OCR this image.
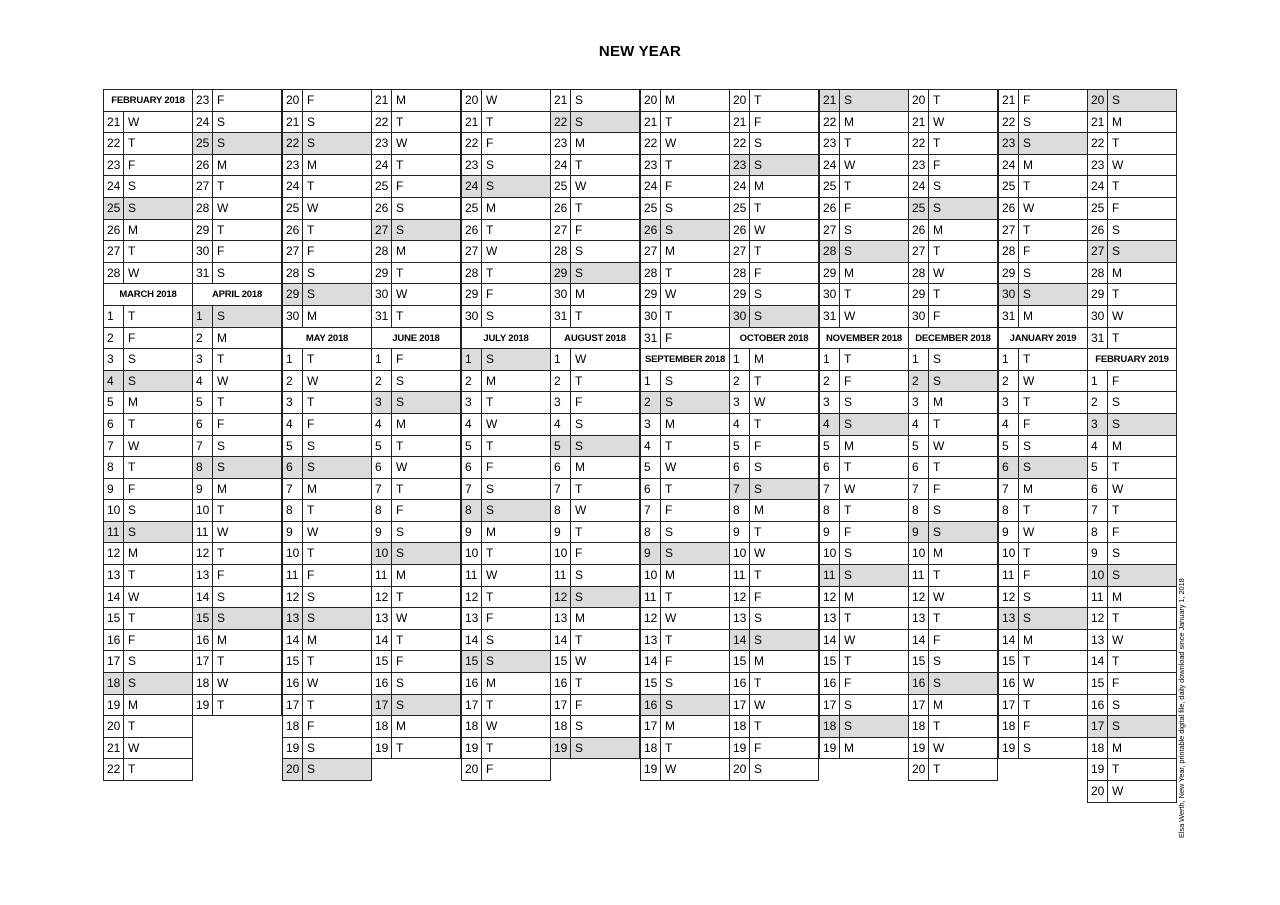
NEW YEAR
FEBRUARY 2018
21 W
22 T
23 F
24 S
25 S
26 M
27 T
28 W
MARCH 2018
1	T
2	F
3	S
4	S
5	M
6	T
7	W
8	T
9	F
10 S
11 S
12 M
13 T
14 W
15 T
16 F
17 S
18 S
19 M
20 T
21 W
22 T
23 F
24 S
25 S
26 M
27 T
28 W
29 T
30 F
31 S
APRIL 2018
1	S
2	M
3	T
4	W
5	T
6	F
7	S
8	S
9	M
10 T
11 W
12 T
13 F
14 S
15 S
16 M
17 T
18 W
19 T
20 F
21 S
22 S
23 M
24 T
25 W
26 T
27 F
28 S
29 S
30 M
MAY 2018
1	T
2	W
3	T
4	F
5	S
6	S
7	M
8	T
9	W
10 T
11 F
12 S
13 S
14 M
15 T
16 W
17 T
18 F
19 S
20 S
21 M
22 T
23 W
24 T
25 F
26 S
27 S
28 M
29 T
30 W
31 T
JUNE 2018
1	F
2	S
3	S
4	M
5	T
6	W
7	T
8	F
9	S
10 S
11 M
12 T
13 W
14 T
15 F
16 S
17 S
18 M
19 T
20 W
21 T
22 F
23 S
24 S
25 M
26 T
27 W
28 T
29 F
30 S
JULY 2018
1	S
2	M
3	T
4	W
5	T
6	F
7	S
8	S
9	M
10 T
11 W
12 T
13 F
14 S
15 S
16 M
17 T
18 W
19 T
20 F
21 S
22 S
23 M
24 T
25 W
26 T
27 F
28 S
29 S
30 M
31 T
AUGUST 2018
1	W
2	T
3	F
4	S
5	S
6	M
7	T
8	W
9	T
10 F
11 S
12 S
13 M
14 T
15 W
16 T
17 F
18 S
19 S
20 M
21 T
22 W
23 T
24 F
25 S
26 S
27 M
28 T
29 W
30 T
31 F
SEPTEMBER 2018
1	S
2	S
3	M
4	T
5	W
6	T
7	F
8	S
9	S
10 M
11 T
12 W
13 T
14 F
15 S
16 S
17 M
18 T
19 W
20 T
21 F
22 S
23 S
24 M
25 T
26 W
27 T
28 F
29 S
30 S
OCTOBER 2018
1	M
2	T
3	W
4	T
5	F
6	S
7	S
8	M
9	T
10 W
11 T
12 F
13 S
14 S
15 M
16 T
17 W
18 T
19 F
20 S
21 S
22 M
23 T
24 W
25 T
26 F
27 S
28 S
29 M
30 T
31 W
NOVEMBER 2018
1	T
2	F
3	S
4	S
5	M
6	T
7	W
8	T
9	F
10 S
11 S
12 M
13 T
14 W
15 T
16 F
17 S
18 S
19 M
20 T
21 W
22 T
23 F
24 S
25 S
26 M
27 T
28 W
29 T
30 F
DECEMBER 2018
1	S
2	S
3	M
4	T
5	W
6	T
7	F
8	S
9	S
10 M
11 T
12 W
13 T
14 F
15 S
16 S
17 M
18 T
19 W
20 T
21 F
22 S
23 S
24 M
25 T
26 W
27 T
28 F
29 S
30 S
31 M
JANUARY 2019
1	T
2	W
3	T
4	F
5	S
6	S
7	M
8	T
9	W
10 T
11 F
12 S
13 S
14 M
15 T
16 W
17 T
18 F
19 S
20 S
21 M
22 T
23 W
24 T
25 F
26 S
27 S
28 M
29 T
30 W
31 T
FEBRUARY 2019
1	F
2	S
3	S
4	M
5	T
6	W
7	T
8	F
9	S
10 S
11 M
12 T
13 W
14 T
15 F
16 S
17 S
18 M
19 T
20 W	Elsa Werth, New Year, printable digital file, daily download since January 1, 2018
